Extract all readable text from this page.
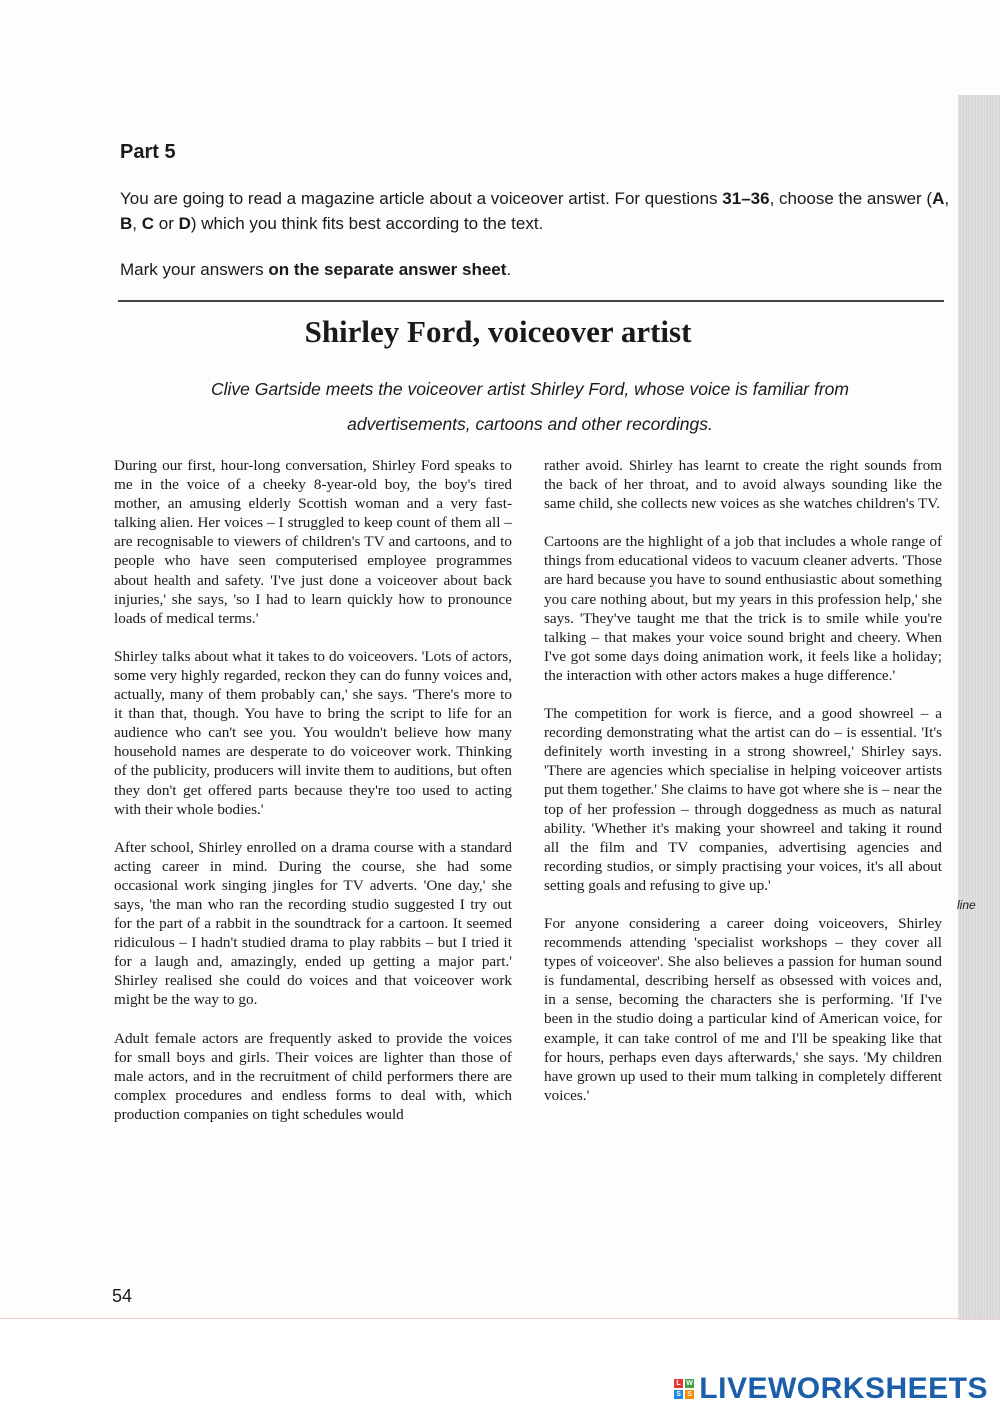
Part 5
You are going to read a magazine article about a voiceover artist. For questions 31–36, choose the answer (A, B, C or D) which you think fits best according to the text.
Mark your answers on the separate answer sheet.
Shirley Ford, voiceover artist
Clive Gartside meets the voiceover artist Shirley Ford, whose voice is familiar from advertisements, cartoons and other recordings.

During our first, hour-long conversation, Shirley Ford speaks to me in the voice of a cheeky 8-year-old boy, the boy's tired mother, an amusing elderly Scottish woman and a very fast-talking alien. Her voices – I struggled to keep count of them all – are recognisable to viewers of children's TV and cartoons, and to people who have seen computerised employee programmes about health and safety. 'I've just done a voiceover about back injuries,' she says, 'so I had to learn quickly how to pronounce loads of medical terms.'

Shirley talks about what it takes to do voiceovers. 'Lots of actors, some very highly regarded, reckon they can do funny voices and, actually, many of them probably can,' she says. 'There's more to it than that, though. You have to bring the script to life for an audience who can't see you. You wouldn't believe how many household names are desperate to do voiceover work. Thinking of the publicity, producers will invite them to auditions, but often they don't get offered parts because they're too used to acting with their whole bodies.'

After school, Shirley enrolled on a drama course with a standard acting career in mind. During the course, she had some occasional work singing jingles for TV adverts. 'One day,' she says, 'the man who ran the recording studio suggested I try out for the part of a rabbit in the soundtrack for a cartoon. It seemed ridiculous – I hadn't studied drama to play rabbits – but I tried it for a laugh and, amazingly, ended up getting a major part.' Shirley realised she could do voices and that voiceover work might be the way to go.

Adult female actors are frequently asked to provide the voices for small boys and girls. Their voices are lighter than those of male actors, and in the recruitment of child performers there are complex procedures and endless forms to deal with, which production companies on tight schedules would

rather avoid. Shirley has learnt to create the right sounds from the back of her throat, and to avoid always sounding like the same child, she collects new voices as she watches children's TV.

Cartoons are the highlight of a job that includes a whole range of things from educational videos to vacuum cleaner adverts. 'Those are hard because you have to sound enthusiastic about something you care nothing about, but my years in this profession help,' she says. 'They've taught me that the trick is to smile while you're talking – that makes your voice sound bright and cheery. When I've got some days doing animation work, it feels like a holiday; the interaction with other actors makes a huge difference.'

The competition for work is fierce, and a good showreel – a recording demonstrating what the artist can do – is essential. 'It's definitely worth investing in a strong showreel,' Shirley says. 'There are agencies which specialise in helping voiceover artists put them together.' She claims to have got where she is – near the top of her profession – through doggedness as much as natural ability. 'Whether it's making your showreel and taking it round all the film and TV companies, advertising agencies and recording studios, or simply practising your voices, it's all about setting goals and refusing to give up.'

For anyone considering a career doing voiceovers, Shirley recommends attending 'specialist workshops – they cover all types of voiceover'. She also believes a passion for human sound is fundamental, describing herself as obsessed with voices and, in a sense, becoming the characters she is performing. 'If I've been in the studio doing a particular kind of American voice, for example, it can take control of me and I'll be speaking like that for hours, perhaps even days afterwards,' she says. 'My children have grown up used to their mum talking in completely different voices.'

line
54
L W
S S LIVEWORKSHEETS
